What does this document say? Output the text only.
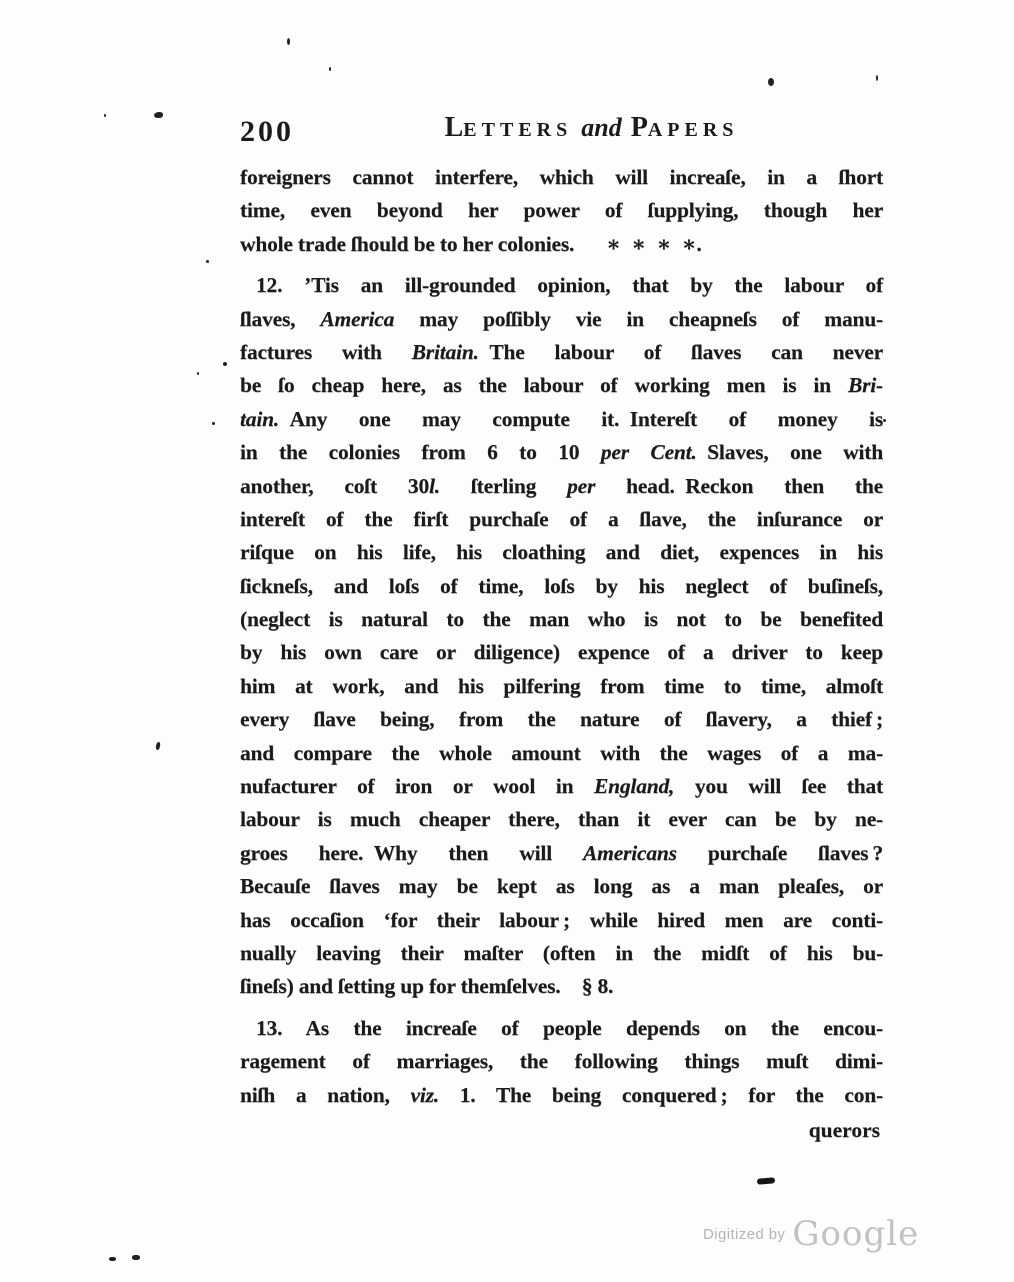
200	LETTERS and PAPERS
foreigners cannot interfere, which will increaſe, in a ſhort
time, even beyond her power of ſupplying, though her
whole trade ſhould be to her colonies.  ∗ ∗ ∗ ∗.
12. ’Tis an ill-grounded opinion, that by the labour of
ſlaves, America may poſſibly vie in cheapneſs of manu-
factures with Britain. The labour of ſlaves can never
be ſo cheap here, as the labour of working men is in Bri-
tain. Any one may compute it. Intereſt of money is
in the colonies from 6 to 10 per Cent. Slaves, one with
another, coſt 30l. ſterling per head. Reckon then the
intereſt of the firſt purchaſe of a ſlave, the inſurance or
riſque on his life, his cloathing and diet, expences in his
ſickneſs, and loſs of time, loſs by his neglect of buſineſs,
(neglect is natural to the man who is not to be benefited
by his own care or diligence) expence of a driver to keep
him at work, and his pilfering from time to time, almoſt
every ſlave being, from the nature of ſlavery, a thief ;
and compare the whole amount with the wages of a ma-
nufacturer of iron or wool in England, you will ſee that
labour is much cheaper there, than it ever can be by ne-
groes here. Why then will Americans purchaſe ſlaves ?
Becauſe ſlaves may be kept as long as a man pleaſes, or
has occaſion ‘for their labour ; while hired men are conti-
nually leaving their maſter (often in the midſt of his bu-
ſineſs) and ſetting up for themſelves. § 8.
13. As the increaſe of people depends on the encou-
ragement of marriages, the following things muſt dimi-
niſh a nation, viz. 1. The being conquered ; for the con-
querors
Digitized by Google
